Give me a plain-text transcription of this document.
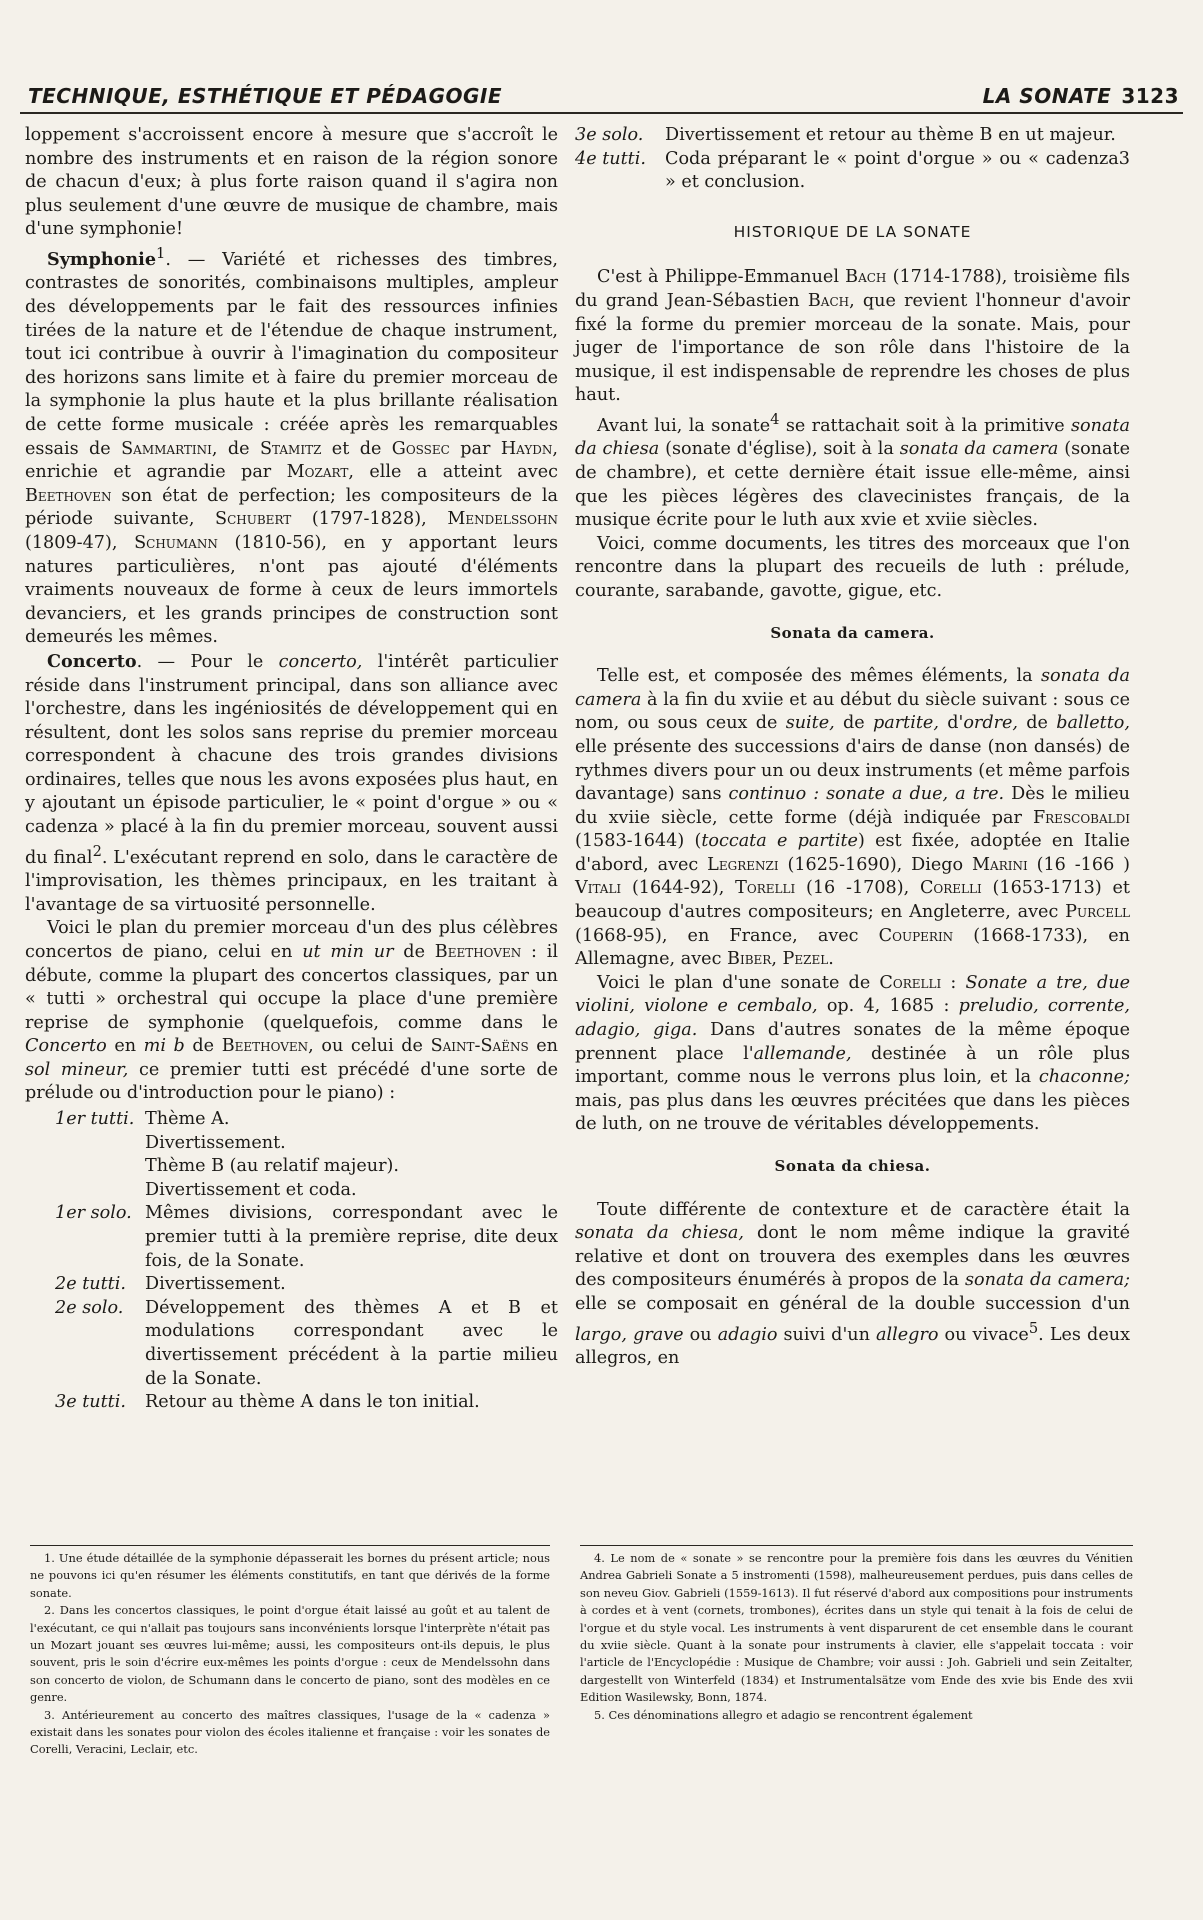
TECHNIQUE, ESTHÉTIQUE ET PÉDAGOGIE	LA SONATE 3123

loppement s'accroissent encore à mesure que s'accroît le nombre des instruments et en raison de la région sonore de chacun d'eux; à plus forte raison quand il s'agira non plus seulement d'une œuvre de musique de chambre, mais d'une symphonie!

Symphonie$^1$. — Variété et richesses des timbres, contrastes de sonorités, combinaisons multiples, ampleur des développements par le fait des ressources infinies tirées de la nature et de l'étendue de chaque instrument, tout ici contribue à ouvrir à l'imagination du compositeur des horizons sans limite et à faire du premier morceau de la symphonie la plus haute et la plus brillante réalisation de cette forme musicale : créée après les remarquables essais de Sammartini, de Stamitz et de Gossec par Haydn, enrichie et agrandie par Mozart, elle a atteint avec Beethoven son état de perfection; les compositeurs de la période suivante, Schubert (1797-1828), Mendelssohn (1809-47), Schumann (1810-56), en y apportant leurs natures particulières, n'ont pas ajouté d'éléments vraiments nouveaux de forme à ceux de leurs immortels devanciers, et les grands principes de construction sont demeurés les mêmes.

Concerto. — Pour le concerto, l'intérêt particulier réside dans l'instrument principal, dans son alliance avec l'orchestre, dans les ingéniosités de développement qui en résultent, dont les solos sans reprise du premier morceau correspondent à chacune des trois grandes divisions ordinaires, telles que nous les avons exposées plus haut, en y ajoutant un épisode particulier, le « point d'orgue » ou « cadenza » placé à la fin du premier morceau, souvent aussi du final$^2$. L'exécutant reprend en solo, dans le caractère de l'improvisation, les thèmes principaux, en les traitant à l'avantage de sa virtuosité personnelle.

Voici le plan du premier morceau d'un des plus célèbres concertos de piano, celui en ut min ur de Beethoven : il débute, comme la plupart des concertos classiques, par un « tutti » orchestral qui occupe la place d'une première reprise de symphonie (quelquefois, comme dans le Concerto en mi b de Beethoven, ou celui de Saint-Saëns en sol mineur, ce premier tutti est précédé d'une sorte de prélude ou d'introduction pour le piano) :

1er tutti. Thème A.
Divertissement.
Thème B (au relatif majeur).
Divertissement et coda.
1er solo. Mêmes divisions, correspondant avec le premier tutti à la première reprise, dite deux fois, de la Sonate.
2e tutti. Divertissement.
2e solo. Développement des thèmes A et B et modulations correspondant avec le divertissement précédent à la partie milieu de la Sonate.
3e tutti. Retour au thème A dans le ton initial.
3e solo. Divertissement et retour au thème B en ut majeur.
4e tutti. Coda préparant le « point d'orgue » ou « cadenza3 » et conclusion.
HISTORIQUE DE LA SONATE

C'est à Philippe-Emmanuel Bach (1714-1788), troisième fils du grand Jean-Sébastien Bach, que revient l'honneur d'avoir fixé la forme du premier morceau de la sonate. Mais, pour juger de l'importance de son rôle dans l'histoire de la musique, il est indispensable de reprendre les choses de plus haut.

Avant lui, la sonate$^4$ se rattachait soit à la primitive sonata da chiesa (sonate d'église), soit à la sonata da camera (sonate de chambre), et cette dernière était issue elle-même, ainsi que les pièces légères des clavecinistes français, de la musique écrite pour le luth aux xvie et xviie siècles.

Voici, comme documents, les titres des morceaux que l'on rencontre dans la plupart des recueils de luth : prélude, courante, sarabande, gavotte, gigue, etc.

Sonata da camera.

Telle est, et composée des mêmes éléments, la sonata da camera à la fin du xviie et au début du siècle suivant : sous ce nom, ou sous ceux de suite, de partite, d'ordre, de balletto, elle présente des successions d'airs de danse (non dansés) de rythmes divers pour un ou deux instruments (et même parfois davantage) sans continuo : sonate a due, a tre. Dès le milieu du xviie siècle, cette forme (déjà indiquée par Frescobaldi (1583-1644) (toccata e partite) est fixée, adoptée en Italie d'abord, avec Legrenzi (1625-1690), Diego Marini (16 -166 ) Vitali (1644-92), Torelli (16 -1708), Corelli (1653-1713) et beaucoup d'autres compositeurs; en Angleterre, avec Purcell (1668-95), en France, avec Couperin (1668-1733), en Allemagne, avec Biber, Pezel.

Voici le plan d'une sonate de Corelli : Sonate a tre, due violini, violone e cembalo, op. 4, 1685 : preludio, corrente, adagio, giga. Dans d'autres sonates de la même époque prennent place l'allemande, destinée à un rôle plus important, comme nous le verrons plus loin, et la chaconne; mais, pas plus dans les œuvres précitées que dans les pièces de luth, on ne trouve de véritables développements.

Sonata da chiesa.

Toute différente de contexture et de caractère était la sonata da chiesa, dont le nom même indique la gravité relative et dont on trouvera des exemples dans les œuvres des compositeurs énumérés à propos de la sonata da camera; elle se composait en général de la double succession d'un largo, grave ou adagio suivi d'un allegro ou vivace$^5$. Les deux allegros, en

1. Une étude détaillée de la symphonie dépasserait les bornes du présent article; nous ne pouvons ici qu'en résumer les éléments constitutifs, en tant que dérivés de la forme sonate.

2. Dans les concertos classiques, le point d'orgue était laissé au goût et au talent de l'exécutant, ce qui n'allait pas toujours sans inconvénients lorsque l'interprète n'était pas un Mozart jouant ses œuvres lui-même; aussi, les compositeurs ont-ils depuis, le plus souvent, pris le soin d'écrire eux-mêmes les points d'orgue : ceux de Mendelssohn dans son concerto de violon, de Schumann dans le concerto de piano, sont des modèles en ce genre.

3. Antérieurement au concerto des maîtres classiques, l'usage de la « cadenza » existait dans les sonates pour violon des écoles italienne et française : voir les sonates de Corelli, Veracini, Leclair, etc.

4. Le nom de « sonate » se rencontre pour la première fois dans les œuvres du Vénitien Andrea Gabrieli Sonate a 5 instromenti (1598), malheureusement perdues, puis dans celles de son neveu Giov. Gabrieli (1559-1613). Il fut réservé d'abord aux compositions pour instruments à cordes et à vent (cornets, trombones), écrites dans un style qui tenait à la fois de celui de l'orgue et du style vocal. Les instruments à vent disparurent de cet ensemble dans le courant du xviie siècle. Quant à la sonate pour instruments à clavier, elle s'appelait toccata : voir l'article de l'Encyclopédie : Musique de Chambre; voir aussi : Joh. Gabrieli und sein Zeitalter, dargestellt von Winterfeld (1834) et Instrumentalsätze vom Ende des xvie bis Ende des xvii Edition Wasilewsky, Bonn, 1874.

5. Ces dénominations allegro et adagio se rencontrent également
